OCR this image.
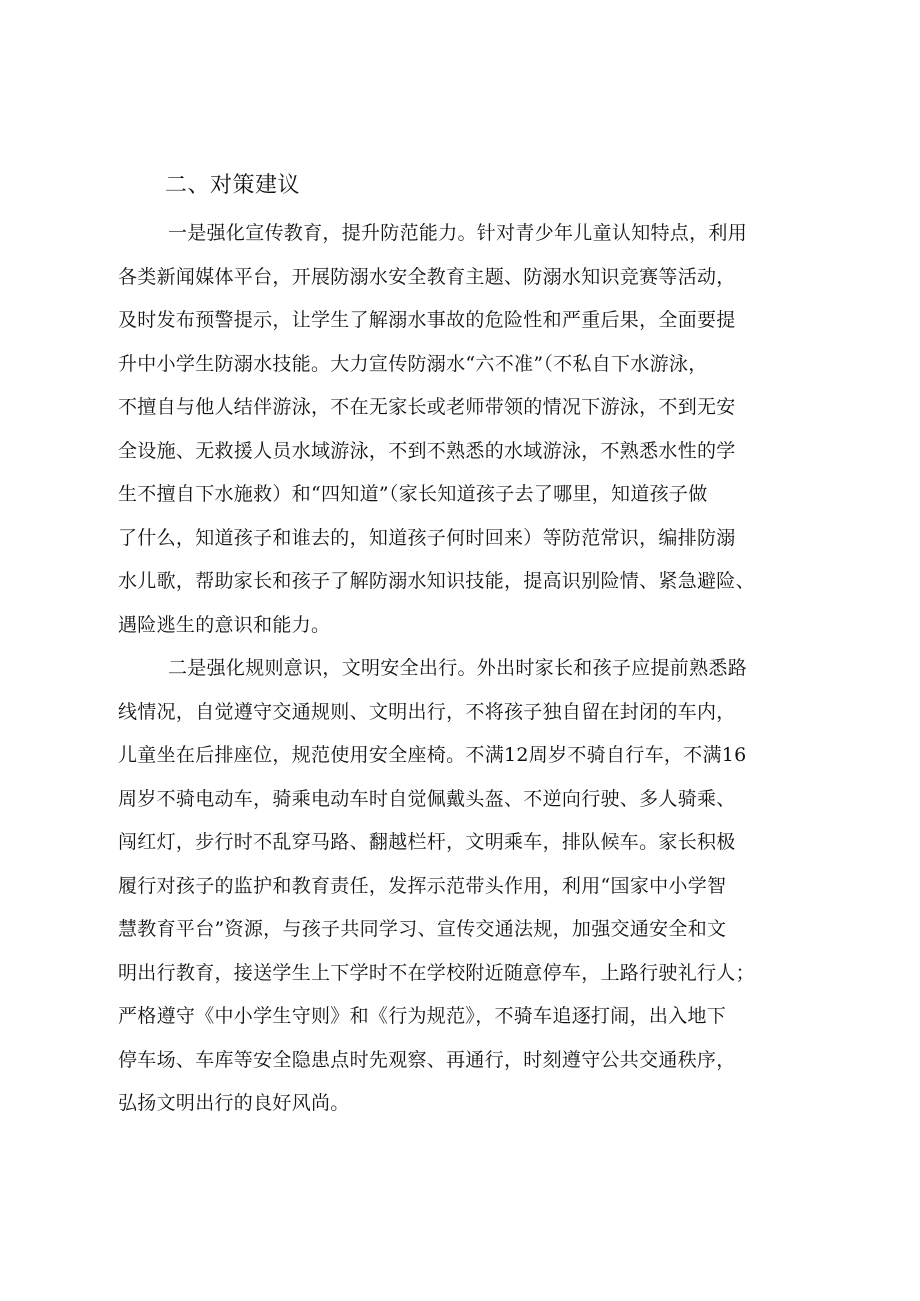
二、对策建议
一是强化宣传教育，提升防范能力。针对青少年儿童认知特点，利用
各类新闻媒体平台，开展防溺水安全教育主题、防溺水知识竞赛等活动，
及时发布预警提示，让学生了解溺水事故的危险性和严重后果，全面要提
升中小学生防溺水技能。大力宣传防溺水“六不准”（不私自下水游泳，
不擅自与他人结伴游泳，不在无家长或老师带领的情况下游泳，不到无安
全设施、无救援人员水域游泳，不到不熟悉的水域游泳，不熟悉水性的学
生不擅自下水施救）和“四知道”（家长知道孩子去了哪里，知道孩子做
了什么，知道孩子和谁去的，知道孩子何时回来）等防范常识，编排防溺
水儿歌，帮助家长和孩子了解防溺水知识技能，提高识别险情、紧急避险、
遇险逃生的意识和能力。
二是强化规则意识，文明安全出行。外出时家长和孩子应提前熟悉路
线情况，自觉遵守交通规则、文明出行，不将孩子独自留在封闭的车内，
儿童坐在后排座位，规范使用安全座椅。不满12周岁不骑自行车，不满16
周岁不骑电动车，骑乘电动车时自觉佩戴头盔、不逆向行驶、多人骑乘、
闯红灯，步行时不乱穿马路、翻越栏杆，文明乘车，排队候车。家长积极
履行对孩子的监护和教育责任，发挥示范带头作用，利用“国家中小学智
慧教育平台”资源，与孩子共同学习、宣传交通法规，加强交通安全和文
明出行教育，接送学生上下学时不在学校附近随意停车，上路行驶礼行人；
严格遵守《中小学生守则》和《行为规范》，不骑车追逐打闹，出入地下
停车场、车库等安全隐患点时先观察、再通行，时刻遵守公共交通秩序，
弘扬文明出行的良好风尚。
